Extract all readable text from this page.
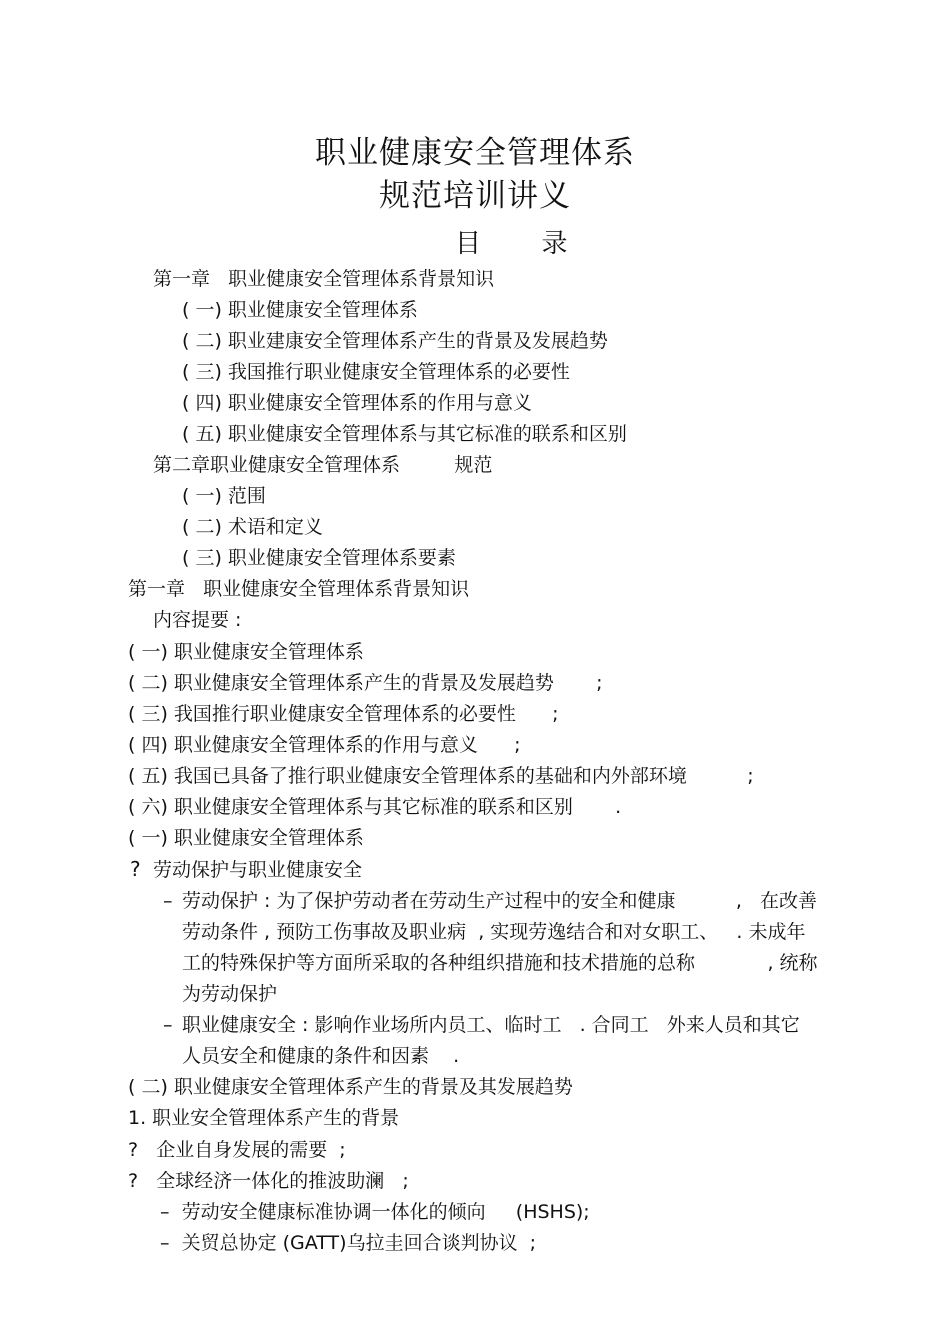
职业健康安全管理体系
规范培训讲义
目 录
第一章   职业健康安全管理体系背景知识
( 一) 职业健康安全管理体系
( 二) 职业建康安全管理体系产生的背景及发展趋势
( 三) 我国推行职业健康安全管理体系的必要性
( 四) 职业健康安全管理体系的作用与意义
( 五) 职业健康安全管理体系与其它标准的联系和区别
第二章职业健康安全管理体系         规范
( 一) 范围
( 二) 术语和定义
( 三) 职业健康安全管理体系要素
第一章   职业健康安全管理体系背景知识
内容提要 :
( 一) 职业健康安全管理体系
( 二) 职业健康安全管理体系产生的背景及发展趋势       ;
( 三) 我国推行职业健康安全管理体系的必要性      ;
( 四) 职业健康安全管理体系的作用与意义      ;
( 五) 我国已具备了推行职业健康安全管理体系的基础和内外部环境          ;
( 六) 职业健康安全管理体系与其它标准的联系和区别       .
( 一) 职业健康安全管理体系
? 劳动保护与职业健康安全
– 劳动保护 : 为了保护劳动者在劳动生产过程中的安全和健康          ,   在改善
劳动条件 , 预防工伤事故及职业病  , 实现劳逸结合和对女职工、   . 未成年
工的特殊保护等方面所采取的各种组织措施和技术措施的总称            , 统称
为劳动保护
– 职业健康安全 : 影响作业场所内员工、临时工   . 合同工   外来人员和其它
人员安全和健康的条件和因素    .
( 二) 职业健康安全管理体系产生的背景及其发展趋势
1. 职业安全管理体系产生的背景
?   企业自身发展的需要  ;
?   全球经济一体化的推波助澜   ;
–  劳动安全健康标准协调一体化的倾向     (HSHS);
–  关贸总协定 (GATT)乌拉圭回合谈判协议  ;
